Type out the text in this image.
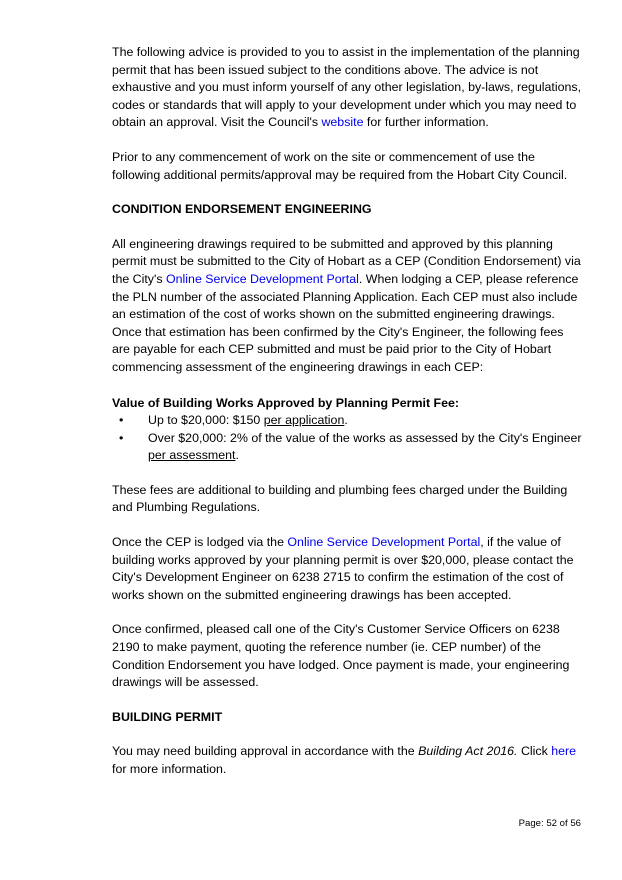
The following advice is provided to you to assist in the implementation of the planning permit that has been issued subject to the conditions above. The advice is not exhaustive and you must inform yourself of any other legislation, by-laws, regulations, codes or standards that will apply to your development under which you may need to obtain an approval. Visit the Council's website for further information.

Prior to any commencement of work on the site or commencement of use the following additional permits/approval may be required from the Hobart City Council.

CONDITION ENDORSEMENT ENGINEERING

All engineering drawings required to be submitted and approved by this planning permit must be submitted to the City of Hobart as a CEP (Condition Endorsement) via the City's Online Service Development Portal. When lodging a CEP, please reference the PLN number of the associated Planning Application. Each CEP must also include an estimation of the cost of works shown on the submitted engineering drawings. Once that estimation has been confirmed by the City's Engineer, the following fees are payable for each CEP submitted and must be paid prior to the City of Hobart commencing assessment of the engineering drawings in each CEP:

Value of Building Works Approved by Planning Permit Fee:
• Up to $20,000: $150 per application.
• Over $20,000: 2% of the value of the works as assessed by the City's Engineer per assessment.

These fees are additional to building and plumbing fees charged under the Building and Plumbing Regulations.

Once the CEP is lodged via the Online Service Development Portal, if the value of building works approved by your planning permit is over $20,000, please contact the City's Development Engineer on 6238 2715 to confirm the estimation of the cost of works shown on the submitted engineering drawings has been accepted.

Once confirmed, pleased call one of the City's Customer Service Officers on 6238 2190 to make payment, quoting the reference number (ie. CEP number) of the Condition Endorsement you have lodged. Once payment is made, your engineering drawings will be assessed.

BUILDING PERMIT

You may need building approval in accordance with the Building Act 2016. Click here for more information.

Page: 52 of 56
